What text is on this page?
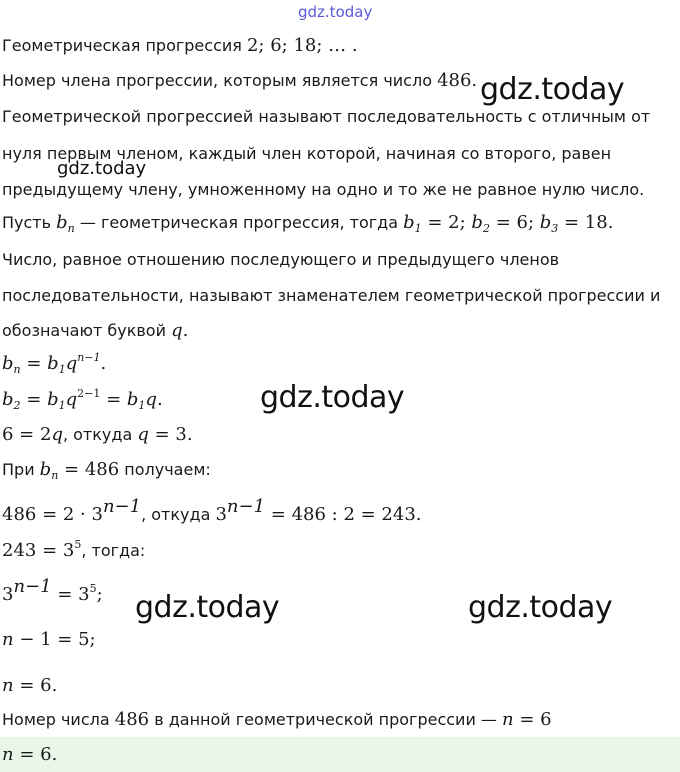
gdz.today
gdz.today
gdz.today
gdz.today
gdz.today	gdz.today
Геометрическая прогрессия 2; 6; 18; … .
Номер члена прогрессии, которым является число 486.
Геометрической прогрессией называют последовательность с отличным от
нуля первым членом, каждый член которой, начиная со второго, равен
предыдущему члену, умноженному на одно и то же не равное нулю число.
Пусть $b_n$ — геометрическая прогрессия, тогда $b_1 = 2$; $b_2 = 6$; $b_3 = 18$.
Число, равное отношению последующего и предыдущего членов
последовательности, называют знаменателем геометрической прогрессии и
обозначают буквой q.
$b_n = b_1q^{n-1}$.
$b_2 = b_1q^{2-1} = b_1q$.
6 = 2q, откуда q = 3.
При $b_n = 486$ получаем:
$486 = 2 \cdot 3^{n-1}$, откуда $3^{n-1} = 486$ : 2 = 243.
$243 = 3^5$, тогда:
$3^{n-1} = 3^5$;
n − 1 = 5;
n = 6.
Номер числа 486 в данной геометрической прогрессии — n = 6
n = 6.
